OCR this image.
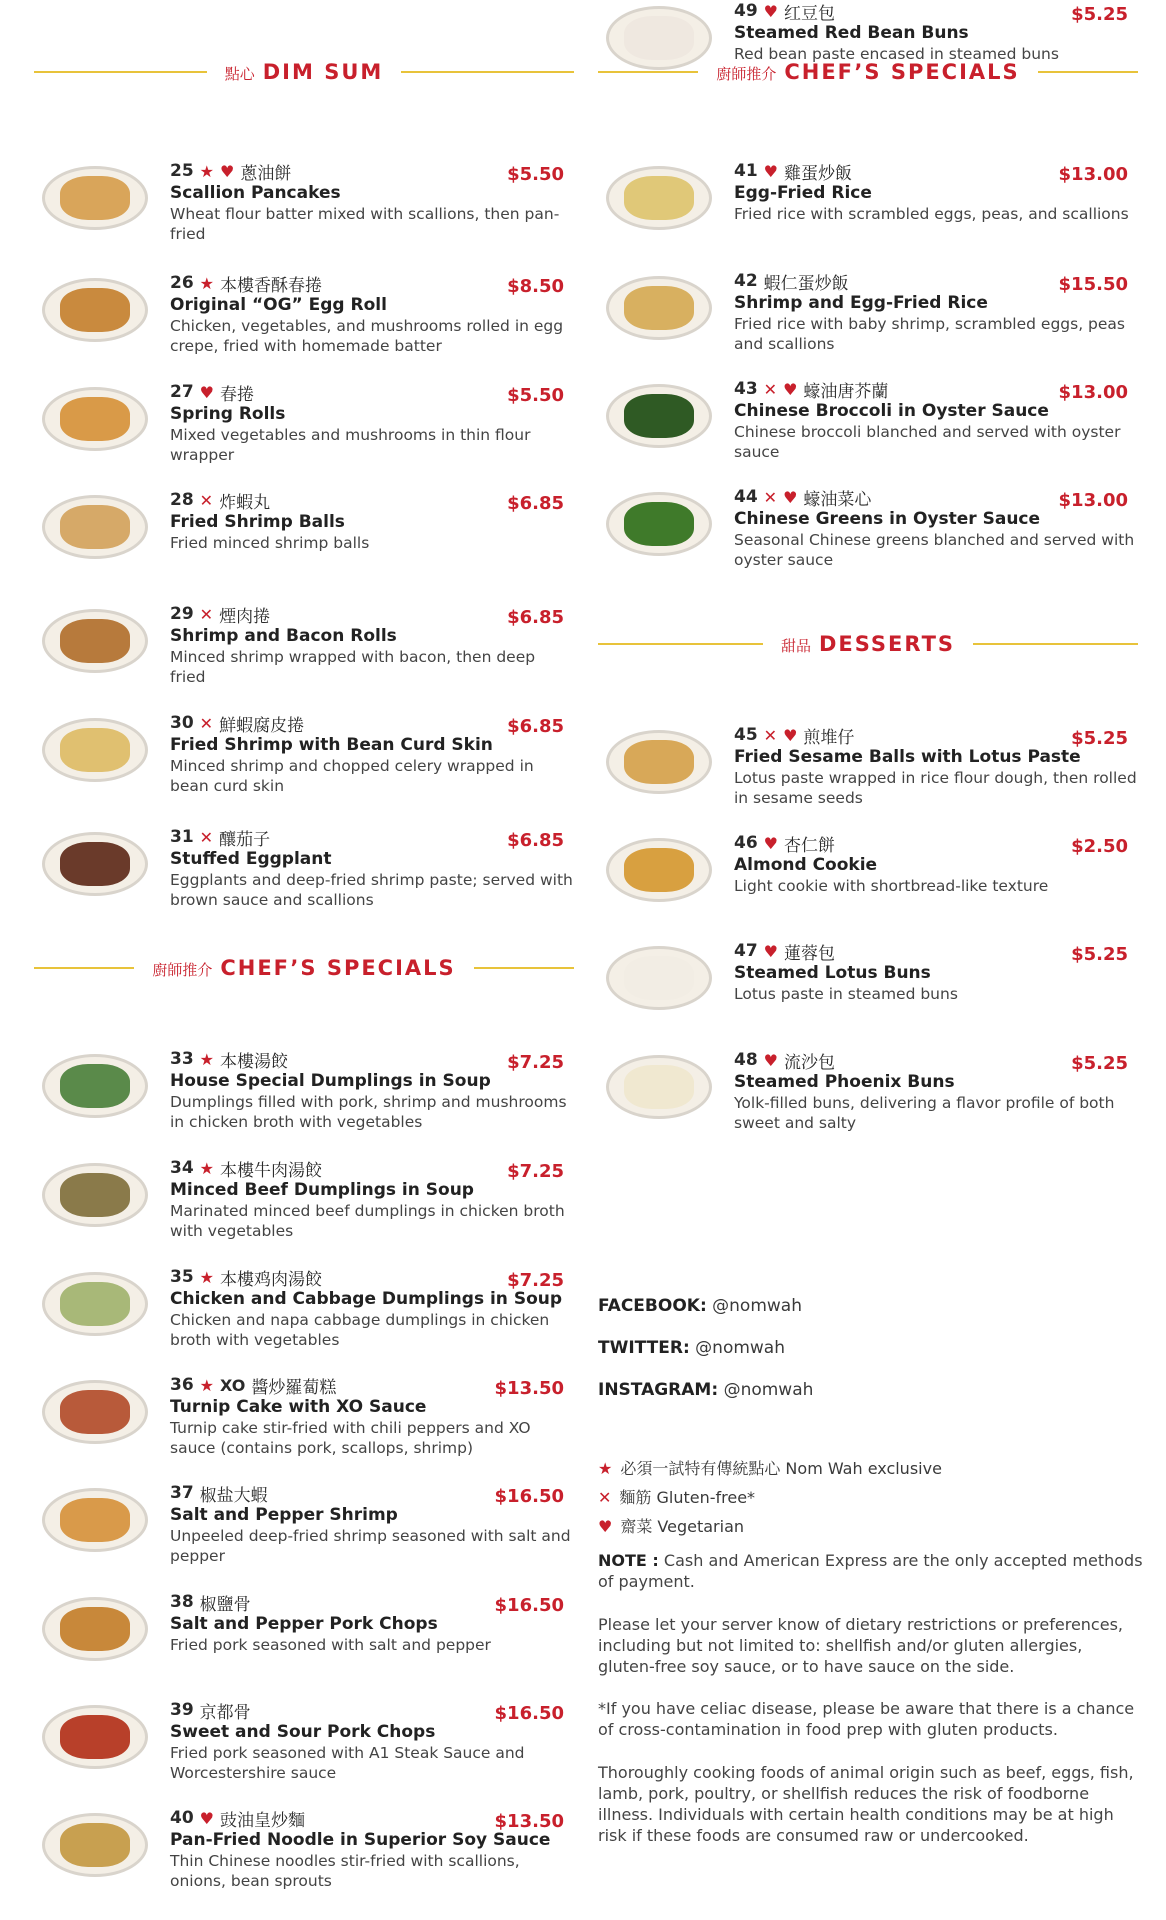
點心 DIM SUM
25 ★ ♥ 蔥油餅	$5.50
Scallion Pancakes
Wheat flour batter mixed with scallions, then pan-fried
26 ★ 本樓香酥春捲	$8.50
Original “OG” Egg Roll
Chicken, vegetables, and mushrooms rolled in egg crepe, fried with homemade batter
27 ♥ 春捲	$5.50
Spring Rolls
Mixed vegetables and mushrooms in thin flour wrapper
28 ✕ 炸蝦丸	$6.85
Fried Shrimp Balls
Fried minced shrimp balls
29 ✕ 煙肉捲	$6.85
Shrimp and Bacon Rolls
Minced shrimp wrapped with bacon, then deep fried
30 ✕ 鮮蝦腐皮捲	$6.85
Fried Shrimp with Bean Curd Skin
Minced shrimp and chopped celery wrapped in bean curd skin
31 ✕ 釀茄子	$6.85
Stuffed Eggplant
Eggplants and deep-fried shrimp paste; served with brown sauce and scallions
廚師推介 CHEF’S SPECIALS
33 ★ 本樓湯餃	$7.25
House Special Dumplings in Soup
Dumplings filled with pork, shrimp and mushrooms in chicken broth with vegetables
34 ★ 本樓牛肉湯餃	$7.25
Minced Beef Dumplings in Soup
Marinated minced beef dumplings in chicken broth with vegetables
35 ★ 本樓鸡肉湯餃	$7.25
Chicken and Cabbage Dumplings in Soup
Chicken and napa cabbage dumplings in chicken broth with vegetables
36 ★ XO 醬炒羅蔔糕	$13.50
Turnip Cake with XO Sauce
Turnip cake stir-fried with chili peppers and XO sauce (contains pork, scallops, shrimp)
37 椒盐大蝦	$16.50
Salt and Pepper Shrimp
Unpeeled deep-fried shrimp seasoned with salt and pepper
38 椒鹽骨	$16.50
Salt and Pepper Pork Chops
Fried pork seasoned with salt and pepper
39 京都骨	$16.50
Sweet and Sour Pork Chops
Fried pork seasoned with A1 Steak Sauce and Worcestershire sauce
40 ♥ 豉油皇炒麵	$13.50
Pan-Fried Noodle in Superior Soy Sauce
Thin Chinese noodles stir-fried with scallions, onions, bean sprouts
FACEBOOK: @nomwah
TWITTER: @nomwah
INSTAGRAM: @nomwah
★ 必須一試特有傳統點心 Nom Wah exclusive
✕ 麵筋 Gluten-free*
♥ 齋菜 Vegetarian
NOTE : Cash and American Express are the only accepted methods of payment.
Please let your server know of dietary restrictions or preferences, including but not limited to: shellfish and/or gluten allergies, gluten-free soy sauce, or to have sauce on the side.
*If you have celiac disease, please be aware that there is a chance of cross-contamination in food prep with gluten products.
Thoroughly cooking foods of animal origin such as beef, eggs, fish, lamb, pork, poultry, or shellfish reduces the risk of foodborne illness. Individuals with certain health conditions may be at high risk if these foods are consumed raw or undercooked.
廚師推介 CHEF’S SPECIALS
41 ♥ 雞蛋炒飯	$13.00
Egg-Fried Rice
Fried rice with scrambled eggs, peas, and scallions
42 蝦仁蛋炒飯	$15.50
Shrimp and Egg-Fried Rice
Fried rice with baby shrimp, scrambled eggs, peas and scallions
43 ✕ ♥ 蠔油唐芥蘭	$13.00
Chinese Broccoli in Oyster Sauce
Chinese broccoli blanched and served with oyster sauce
44 ✕ ♥ 蠔油菜心	$13.00
Chinese Greens in Oyster Sauce
Seasonal Chinese greens blanched and served with oyster sauce
甜品 DESSERTS
45 ✕ ♥ 煎堆仔	$5.25
Fried Sesame Balls with Lotus Paste
Lotus paste wrapped in rice flour dough, then rolled in sesame seeds
46 ♥ 杏仁餅	$2.50
Almond Cookie
Light cookie with shortbread-like texture
47 ♥ 蓮蓉包	$5.25
Steamed Lotus Buns
Lotus paste in steamed buns
48 ♥ 流沙包	$5.25
Steamed Phoenix Buns
Yolk-filled buns, delivering a flavor profile of both sweet and salty
49 ♥ 红豆包	$5.25
Steamed Red Bean Buns
Red bean paste encased in steamed buns
